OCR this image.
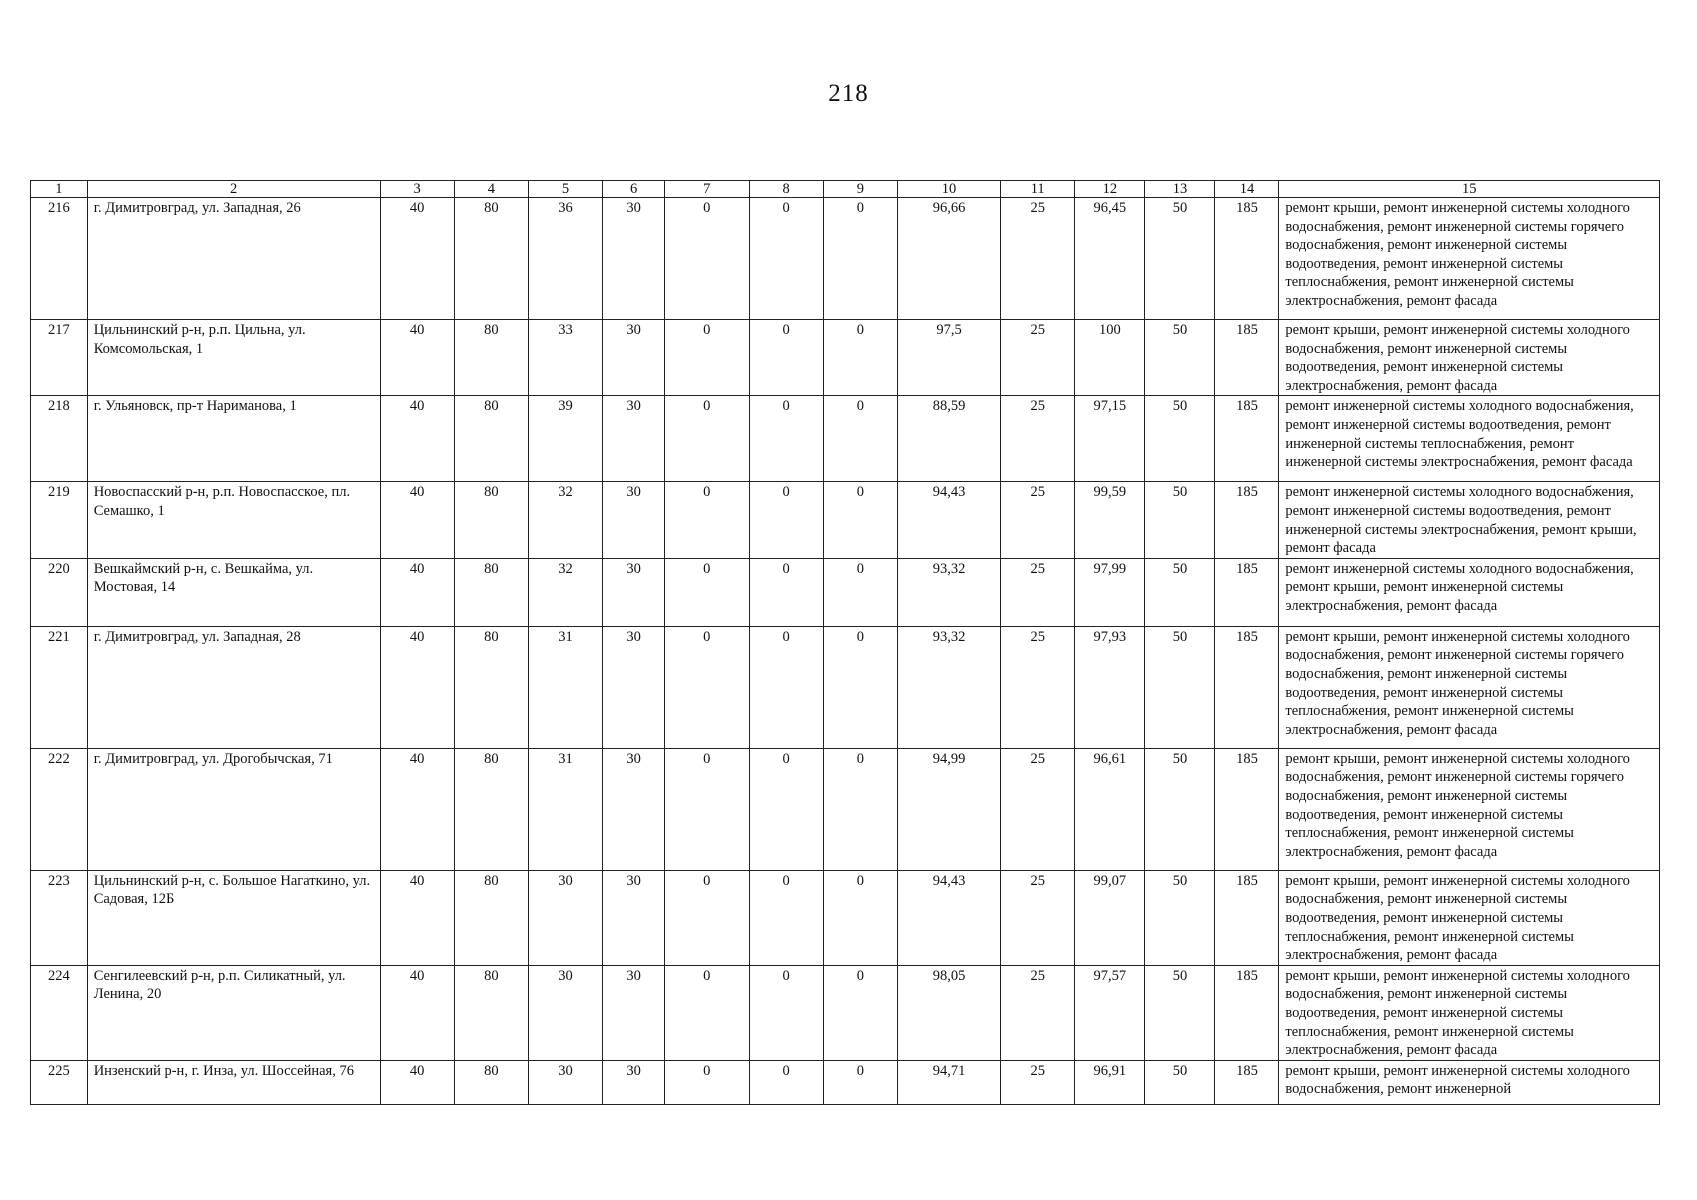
218
1	2	3	4	5	6	7	8	9	10	11	12	13	14	15
216	г. Димитровград, ул. Западная, 26	40	80	36	30	0	0	0	96,66	25	96,45	50	185	ремонт крыши, ремонт инженерной системы холодного водоснабжения, ремонт инженерной системы горячего водоснабжения, ремонт инженерной системы водоотведения, ремонт инженерной системы теплоснабжения, ремонт инженерной системы электроснабжения, ремонт фасада
217	Цильнинский р-н, р.п. Цильна, ул. Комсомольская, 1	40	80	33	30	0	0	0	97,5	25	100	50	185	ремонт крыши, ремонт инженерной системы холодного водоснабжения, ремонт инженерной системы водоотведения, ремонт инженерной системы электроснабжения, ремонт фасада
218	г. Ульяновск, пр-т Нариманова, 1	40	80	39	30	0	0	0	88,59	25	97,15	50	185	ремонт инженерной системы холодного водоснабжения, ремонт инженерной системы водоотведения, ремонт инженерной системы теплоснабжения, ремонт инженерной системы электроснабжения, ремонт фасада
219	Новоспасский р-н, р.п. Новоспасское, пл. Семашко, 1	40	80	32	30	0	0	0	94,43	25	99,59	50	185	ремонт инженерной системы холодного водоснабжения, ремонт инженерной системы водоотведения, ремонт инженерной системы электроснабжения, ремонт крыши, ремонт фасада
220	Вешкаймский р-н, с. Вешкайма, ул. Мостовая, 14	40	80	32	30	0	0	0	93,32	25	97,99	50	185	ремонт инженерной системы холодного водоснабжения, ремонт крыши, ремонт инженерной системы электроснабжения, ремонт фасада
221	г. Димитровград, ул. Западная, 28	40	80	31	30	0	0	0	93,32	25	97,93	50	185	ремонт крыши, ремонт инженерной системы холодного водоснабжения, ремонт инженерной системы горячего водоснабжения, ремонт инженерной системы водоотведения, ремонт инженерной системы теплоснабжения, ремонт инженерной системы электроснабжения, ремонт фасада
222	г. Димитровград, ул. Дрогобычская, 71	40	80	31	30	0	0	0	94,99	25	96,61	50	185	ремонт крыши, ремонт инженерной системы холодного водоснабжения, ремонт инженерной системы горячего водоснабжения, ремонт инженерной системы водоотведения, ремонт инженерной системы теплоснабжения, ремонт инженерной системы электроснабжения, ремонт фасада
223	Цильнинский р-н, с. Большое Нагаткино, ул. Садовая, 12Б	40	80	30	30	0	0	0	94,43	25	99,07	50	185	ремонт крыши, ремонт инженерной системы холодного водоснабжения, ремонт инженерной системы водоотведения, ремонт инженерной системы теплоснабжения, ремонт инженерной системы электроснабжения, ремонт фасада
224	Сенгилеевский р-н, р.п. Силикатный, ул. Ленина, 20	40	80	30	30	0	0	0	98,05	25	97,57	50	185	ремонт крыши, ремонт инженерной системы холодного водоснабжения, ремонт инженерной системы водоотведения, ремонт инженерной системы теплоснабжения, ремонт инженерной системы электроснабжения, ремонт фасада
225	Инзенский р-н, г. Инза, ул. Шоссейная, 76	40	80	30	30	0	0	0	94,71	25	96,91	50	185	ремонт крыши, ремонт инженерной системы холодного водоснабжения, ремонт инженерной
